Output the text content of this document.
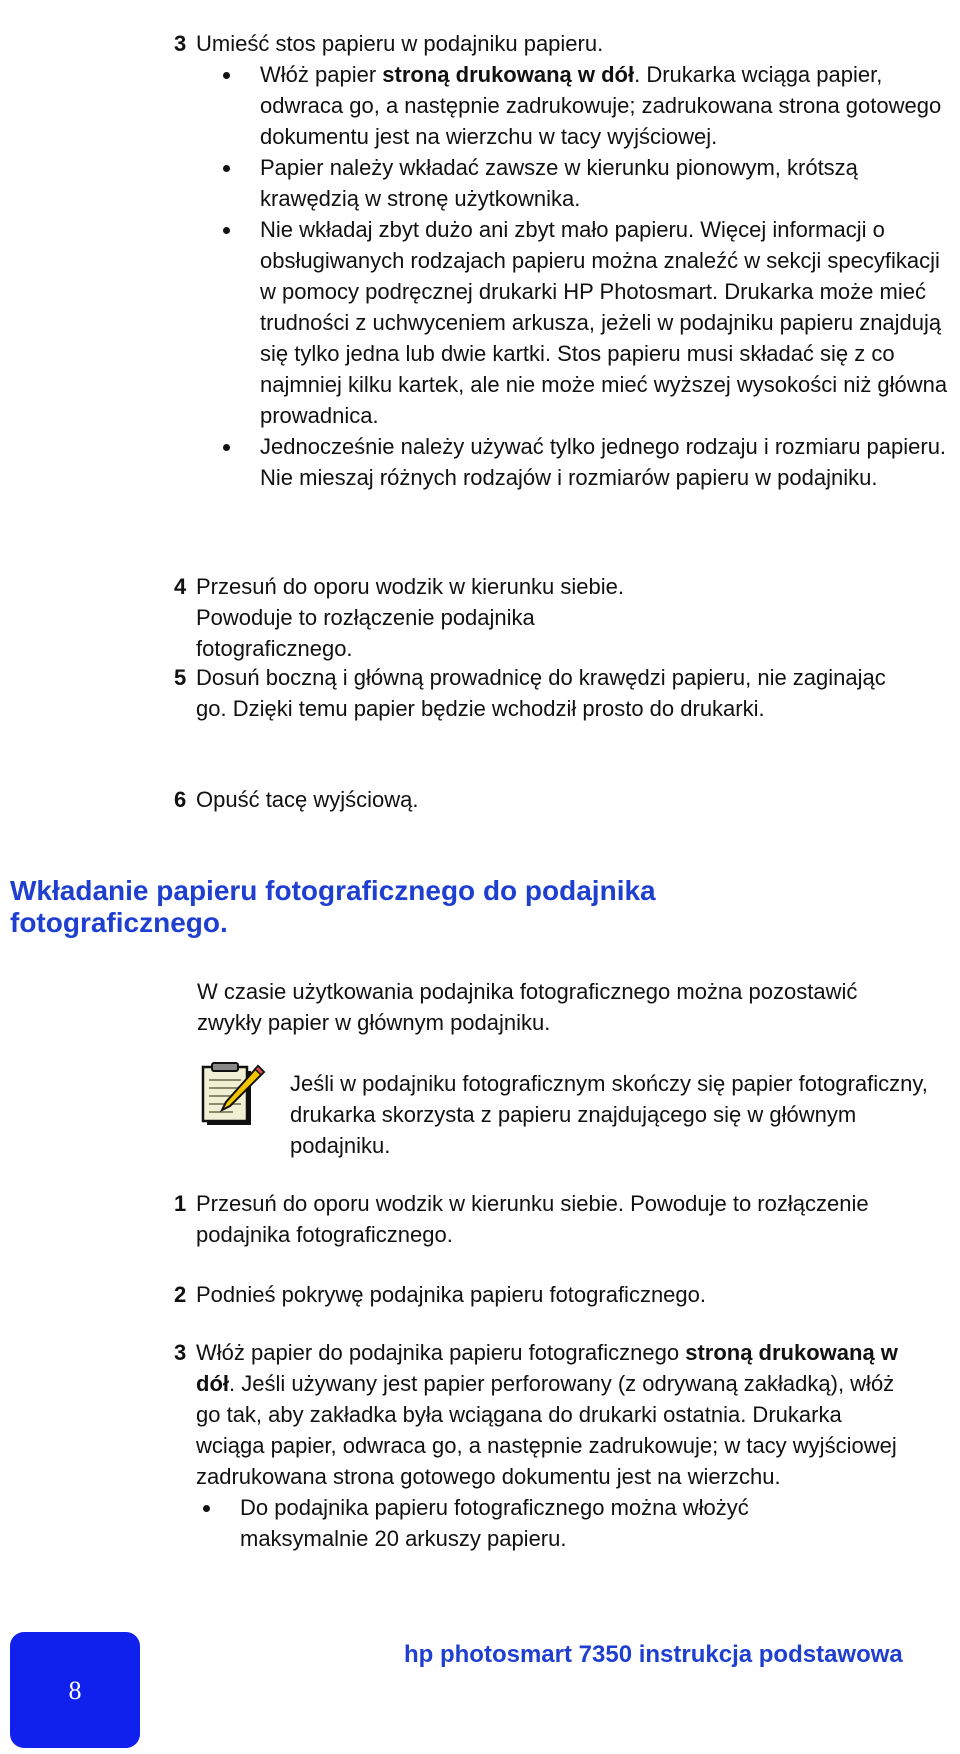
3 Umieść stos papieru w podajniku papieru.
Włóż papier stroną drukowaną w dół. Drukarka wciąga papier, odwraca go, a następnie zadrukowuje; zadrukowana strona gotowego dokumentu jest na wierzchu w tacy wyjściowej.
Papier należy wkładać zawsze w kierunku pionowym, krótszą krawędzią w stronę użytkownika.
Nie wkładaj zbyt dużo ani zbyt mało papieru. Więcej informacji o obsługiwanych rodzajach papieru można znaleźć w sekcji specyfikacji w pomocy podręcznej drukarki HP Photosmart. Drukarka może mieć trudności z uchwyceniem arkusza, jeżeli w podajniku papieru znajdują się tylko jedna lub dwie kartki. Stos papieru musi składać się z co najmniej kilku kartek, ale nie może mieć wyższej wysokości niż główna prowadnica.
Jednocześnie należy używać tylko jednego rodzaju i rozmiaru papieru. Nie mieszaj różnych rodzajów i rozmiarów papieru w podajniku.
4 Przesuń do oporu wodzik w kierunku siebie. Powoduje to rozłączenie podajnika fotograficznego.
5 Dosuń boczną i główną prowadnicę do krawędzi papieru, nie zaginając go. Dzięki temu papier będzie wchodził prosto do drukarki.
6 Opuść tacę wyjściową.
Wkładanie papieru fotograficznego do podajnika fotograficznego.
W czasie użytkowania podajnika fotograficznego można pozostawić zwykły papier w głównym podajniku.
Jeśli w podajniku fotograficznym skończy się papier fotograficzny, drukarka skorzysta z papieru znajdującego się w głównym podajniku.
1 Przesuń do oporu wodzik w kierunku siebie. Powoduje to rozłączenie podajnika fotograficznego.
2 Podnieś pokrywę podajnika papieru fotograficznego.
3 Włóż papier do podajnika papieru fotograficznego stroną drukowaną w dół. Jeśli używany jest papier perforowany (z odrywaną zakładką), włóż go tak, aby zakładka była wciągana do drukarki ostatnia. Drukarka wciąga papier, odwraca go, a następnie zadrukowuje; w tacy wyjściowej zadrukowana strona gotowego dokumentu jest na wierzchu.
Do podajnika papieru fotograficznego można włożyć maksymalnie 20 arkuszy papieru.
8
hp photosmart 7350 instrukcja podstawowa
